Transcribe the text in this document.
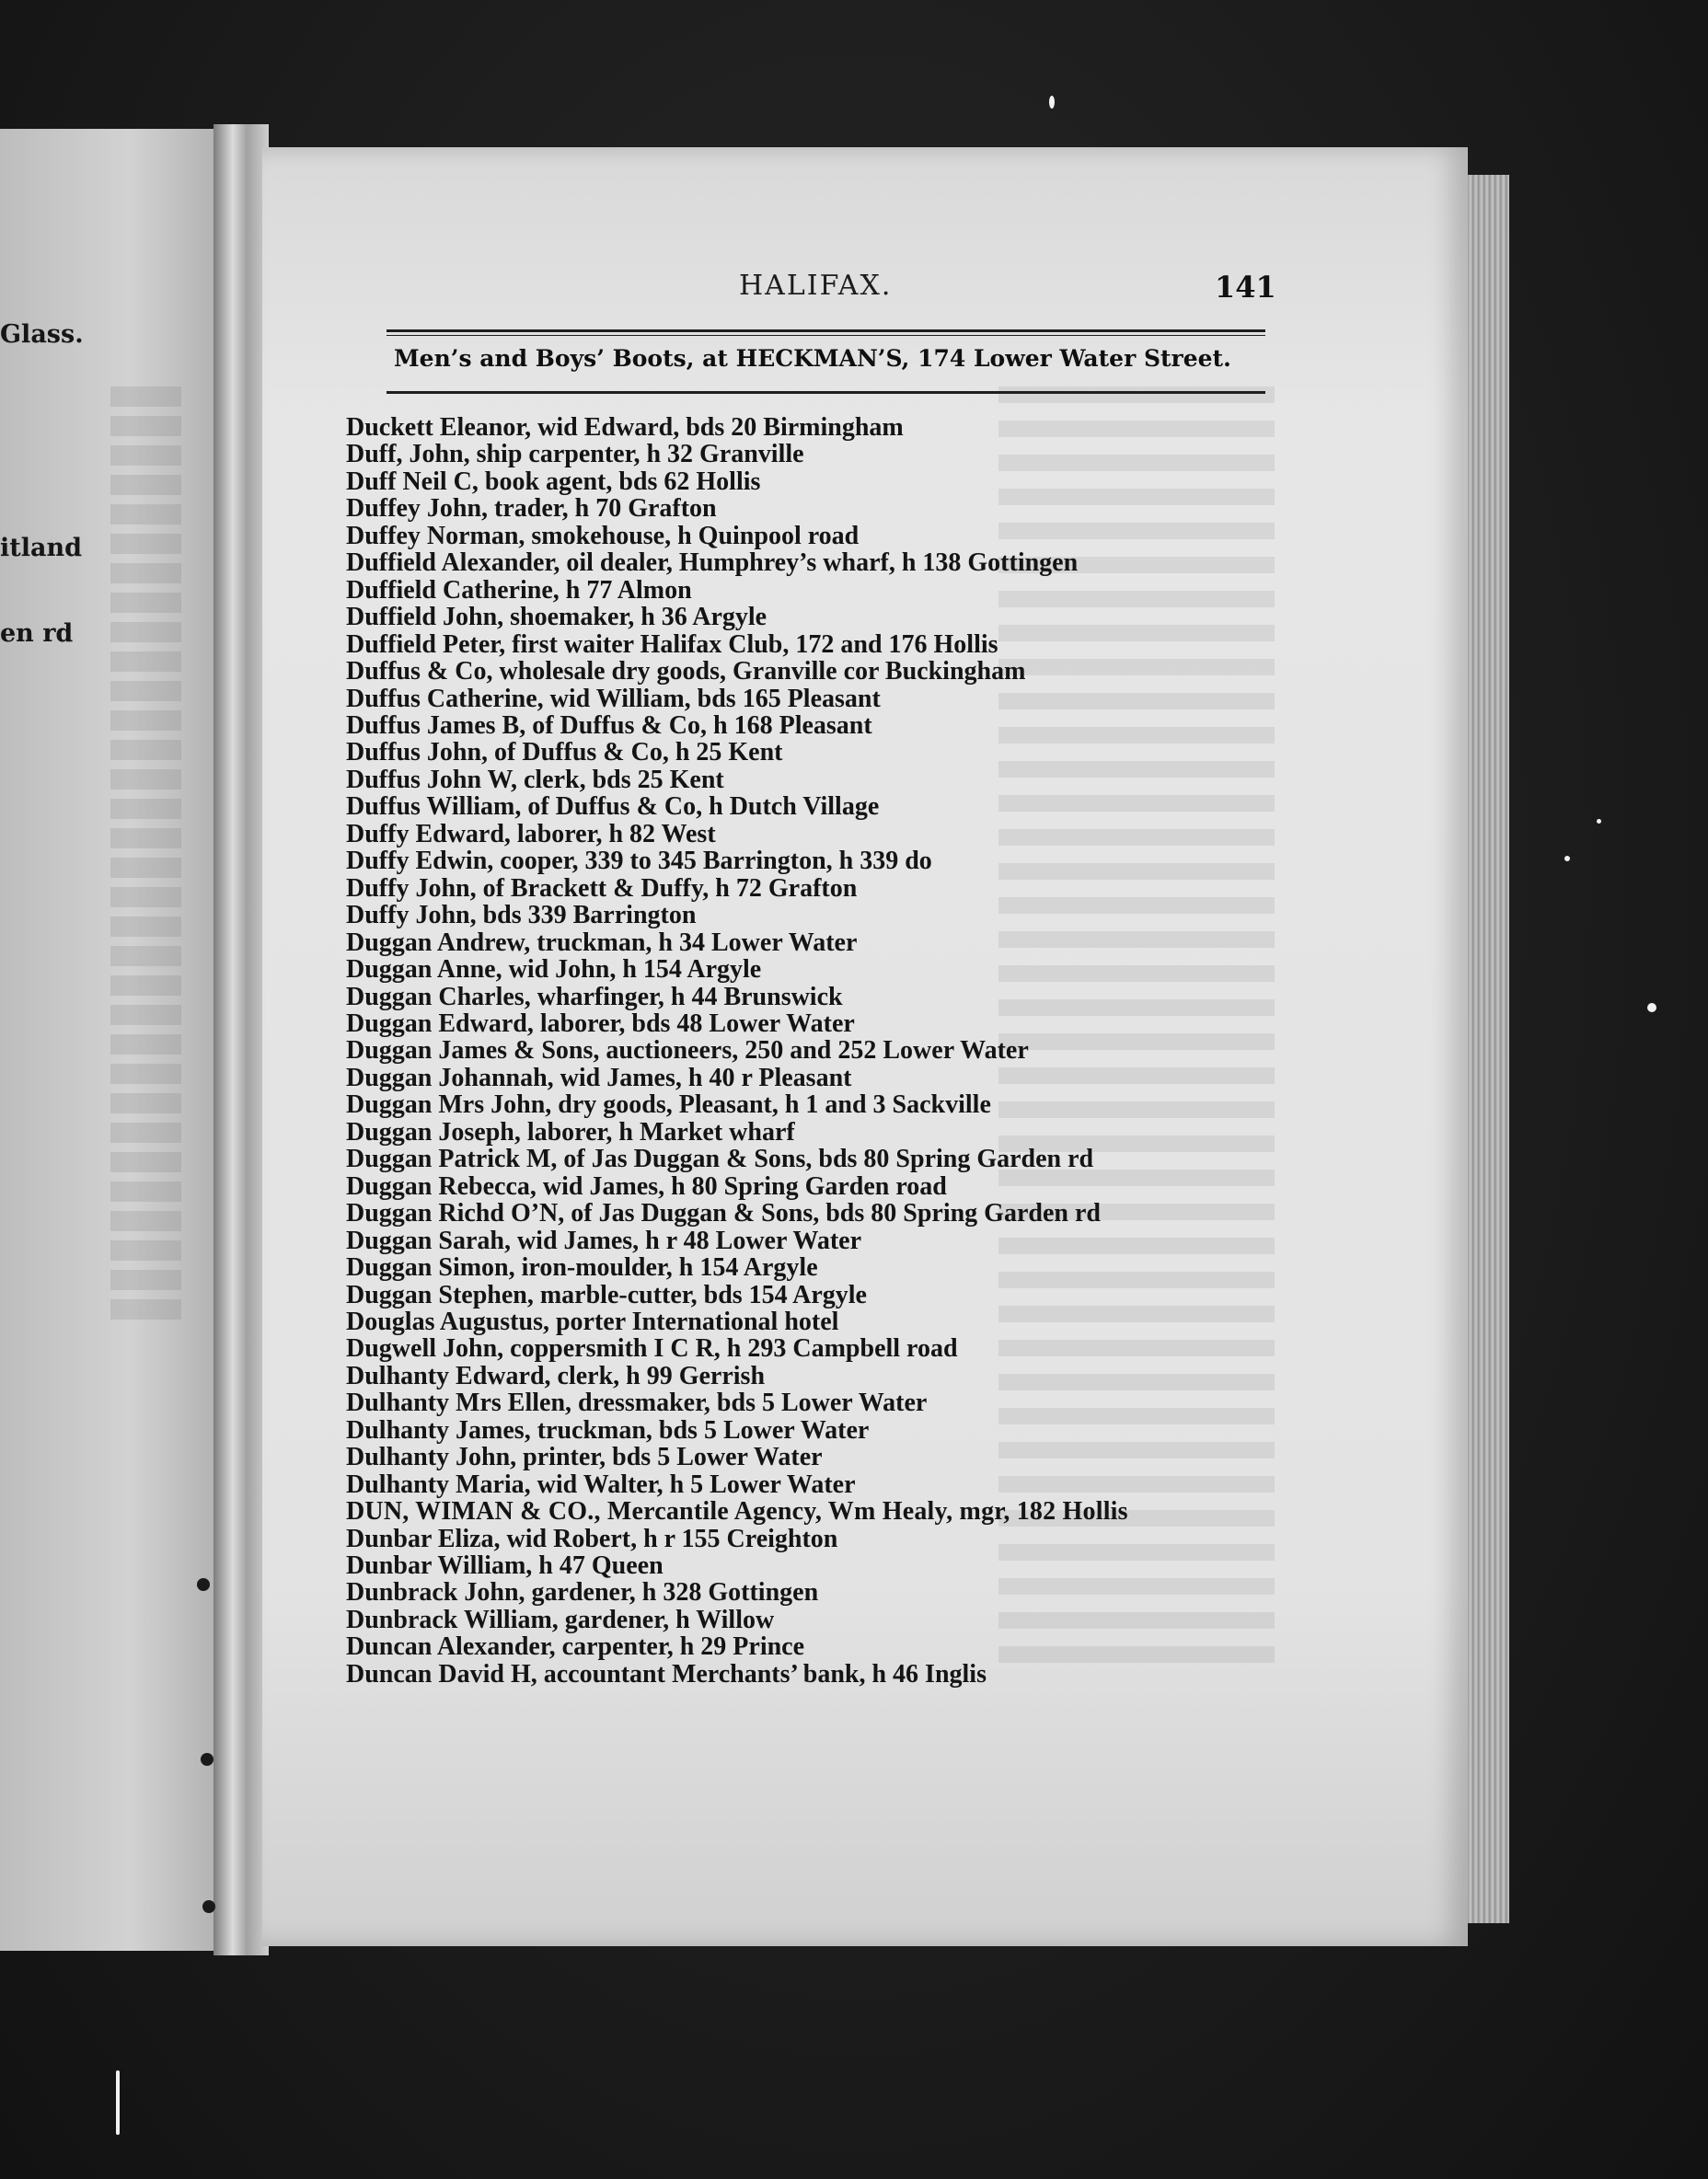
Glass.
itland
en rd
HALIFAX.	141
Men’s and Boys’ Boots, at HECKMAN’S, 174 Lower Water Street.
Duckett Eleanor, wid Edward, bds 20 Birmingham
Duff, John, ship carpenter, h 32 Granville
Duff Neil C, book agent, bds 62 Hollis
Duffey John, trader, h 70 Grafton
Duffey Norman, smokehouse, h Quinpool road
Duffield Alexander, oil dealer, Humphrey’s wharf, h 138 Gottingen
Duffield Catherine, h 77 Almon
Duffield John, shoemaker, h 36 Argyle
Duffield Peter, first waiter Halifax Club, 172 and 176 Hollis
Duffus & Co, wholesale dry goods, Granville cor Buckingham
Duffus Catherine, wid William, bds 165 Pleasant
Duffus James B, of Duffus & Co, h 168 Pleasant
Duffus John, of Duffus & Co, h 25 Kent
Duffus John W, clerk, bds 25 Kent
Duffus William, of Duffus & Co, h Dutch Village
Duffy Edward, laborer, h 82 West
Duffy Edwin, cooper, 339 to 345 Barrington, h 339 do
Duffy John, of Brackett & Duffy, h 72 Grafton
Duffy John, bds 339 Barrington
Duggan Andrew, truckman, h 34 Lower Water
Duggan Anne, wid John, h 154 Argyle
Duggan Charles, wharfinger, h 44 Brunswick
Duggan Edward, laborer, bds 48 Lower Water
Duggan James & Sons, auctioneers, 250 and 252 Lower Water
Duggan Johannah, wid James, h 40 r Pleasant
Duggan Mrs John, dry goods, Pleasant, h 1 and 3 Sackville
Duggan Joseph, laborer, h Market wharf
Duggan Patrick M, of Jas Duggan & Sons, bds 80 Spring Garden rd
Duggan Rebecca, wid James, h 80 Spring Garden road
Duggan Richd O’N, of Jas Duggan & Sons, bds 80 Spring Garden rd
Duggan Sarah, wid James, h r 48 Lower Water
Duggan Simon, iron-moulder, h 154 Argyle
Duggan Stephen, marble-cutter, bds 154 Argyle
Douglas Augustus, porter International hotel
Dugwell John, coppersmith I C R, h 293 Campbell road
Dulhanty Edward, clerk, h 99 Gerrish
Dulhanty Mrs Ellen, dressmaker, bds 5 Lower Water
Dulhanty James, truckman, bds 5 Lower Water
Dulhanty John, printer, bds 5 Lower Water
Dulhanty Maria, wid Walter, h 5 Lower Water
DUN, WIMAN & CO., Mercantile Agency, Wm Healy, mgr, 182 Hollis
Dunbar Eliza, wid Robert, h r 155 Creighton
Dunbar William, h 47 Queen
Dunbrack John, gardener, h 328 Gottingen
Dunbrack William, gardener, h Willow
Duncan Alexander, carpenter, h 29 Prince
Duncan David H, accountant Merchants’ bank, h 46 Inglis
